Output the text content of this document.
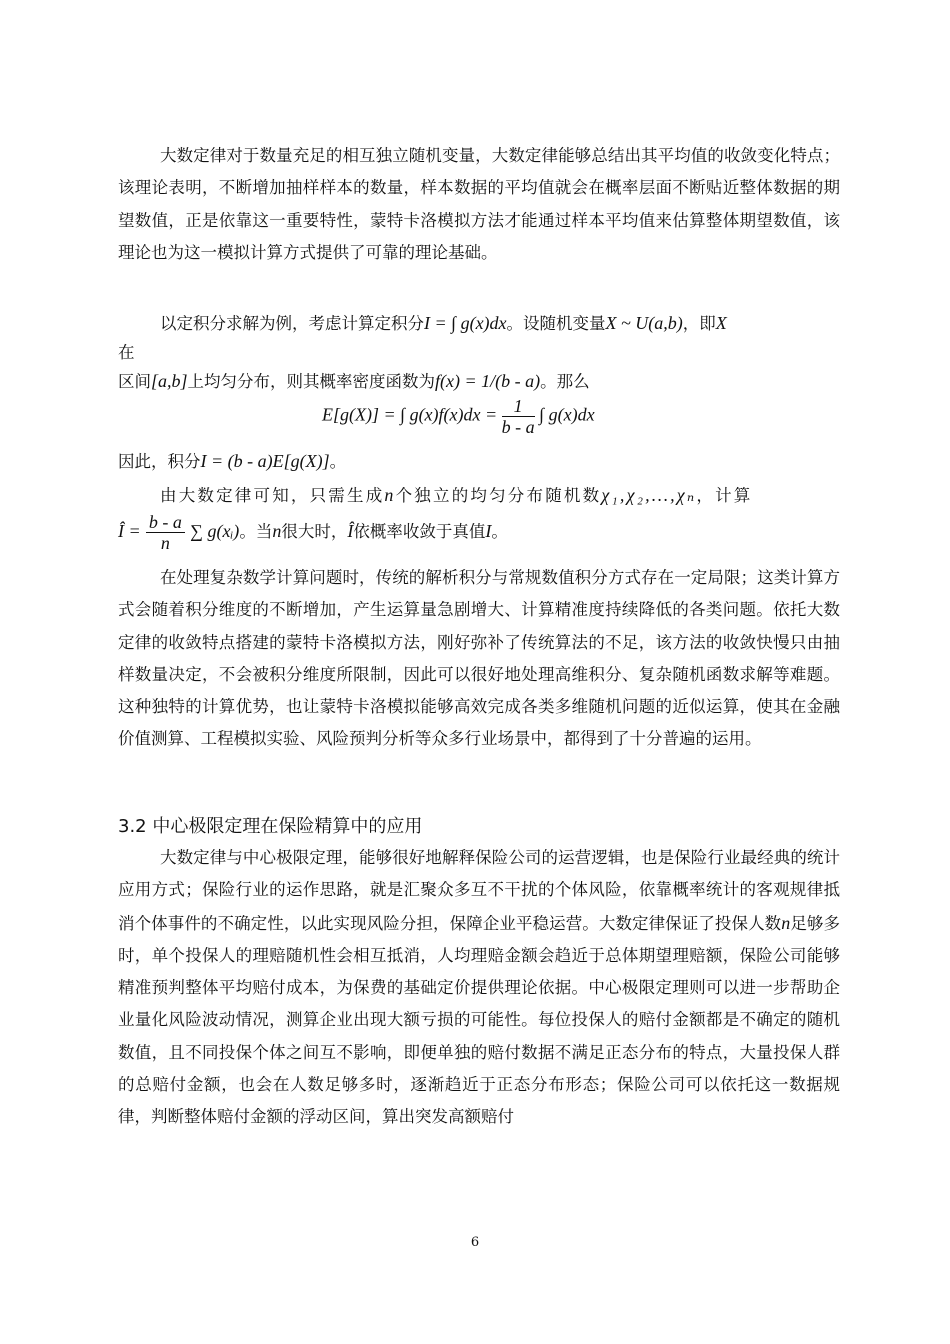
大数定律对于数量充足的相互独立随机变量，大数定律能够总结出其平均值的收敛变化特点；该理论表明，不断增加抽样样本的数量，样本数据的平均值就会在概率层面不断贴近整体数据的期望数值，正是依靠这一重要特性，蒙特卡洛模拟方法才能通过样本平均值来估算整体期望数值，该理论也为这一模拟计算方式提供了可靠的理论基础。

以定积分求解为例，考虑计算定积分I = ∫ g(x)dx。设随机变量X ~ U(a,b)，即X
在
区间[a,b]上均匀分布，则其概率密度函数为f(x) = 1/(b - a)。那么
E[g(X)] = ∫ $g(x)f(x)dx = \frac{1}{b - a}$ ∫ g(x)dx
因此，积分I = (b - a)E[g(X)]。
由大数定律可知，只需生成n个独立的均匀分布随机数χ₁,χ₂,…,χₙ，计算
Î = $\frac{b - a}{n}$ ∑ g(xᵢ)。当n很大时，Î依概率收敛于真值I。

在处理复杂数学计算问题时，传统的解析积分与常规数值积分方式存在一定局限；这类计算方式会随着积分维度的不断增加，产生运算量急剧增大、计算精准度持续降低的各类问题。依托大数定律的收敛特点搭建的蒙特卡洛模拟方法，刚好弥补了传统算法的不足，该方法的收敛快慢只由抽样数量决定，不会被积分维度所限制，因此可以很好地处理高维积分、复杂随机函数求解等难题。这种独特的计算优势，也让蒙特卡洛模拟能够高效完成各类多维随机问题的近似运算，使其在金融价值测算、工程模拟实验、风险预判分析等众多行业场景中，都得到了十分普遍的运用。

3.2 中心极限定理在保险精算中的应用

大数定律与中心极限定理，能够很好地解释保险公司的运营逻辑，也是保险行业最经典的统计应用方式；保险行业的运作思路，就是汇聚众多互不干扰的个体风险，依靠概率统计的客观规律抵消个体事件的不确定性，以此实现风险分担，保障企业平稳运营。大数定律保证了投保人数n足够多时，单个投保人的理赔随机性会相互抵消，人均理赔金额会趋近于总体期望理赔额，保险公司能够精准预判整体平均赔付成本，为保费的基础定价提供理论依据。中心极限定理则可以进一步帮助企业量化风险波动情况，测算企业出现大额亏损的可能性。每位投保人的赔付金额都是不确定的随机数值，且不同投保个体之间互不影响，即便单独的赔付数据不满足正态分布的特点，大量投保人群的总赔付金额，也会在人数足够多时，逐渐趋近于正态分布形态；保险公司可以依托这一数据规律，判断整体赔付金额的浮动区间，算出突发高额赔付

6
